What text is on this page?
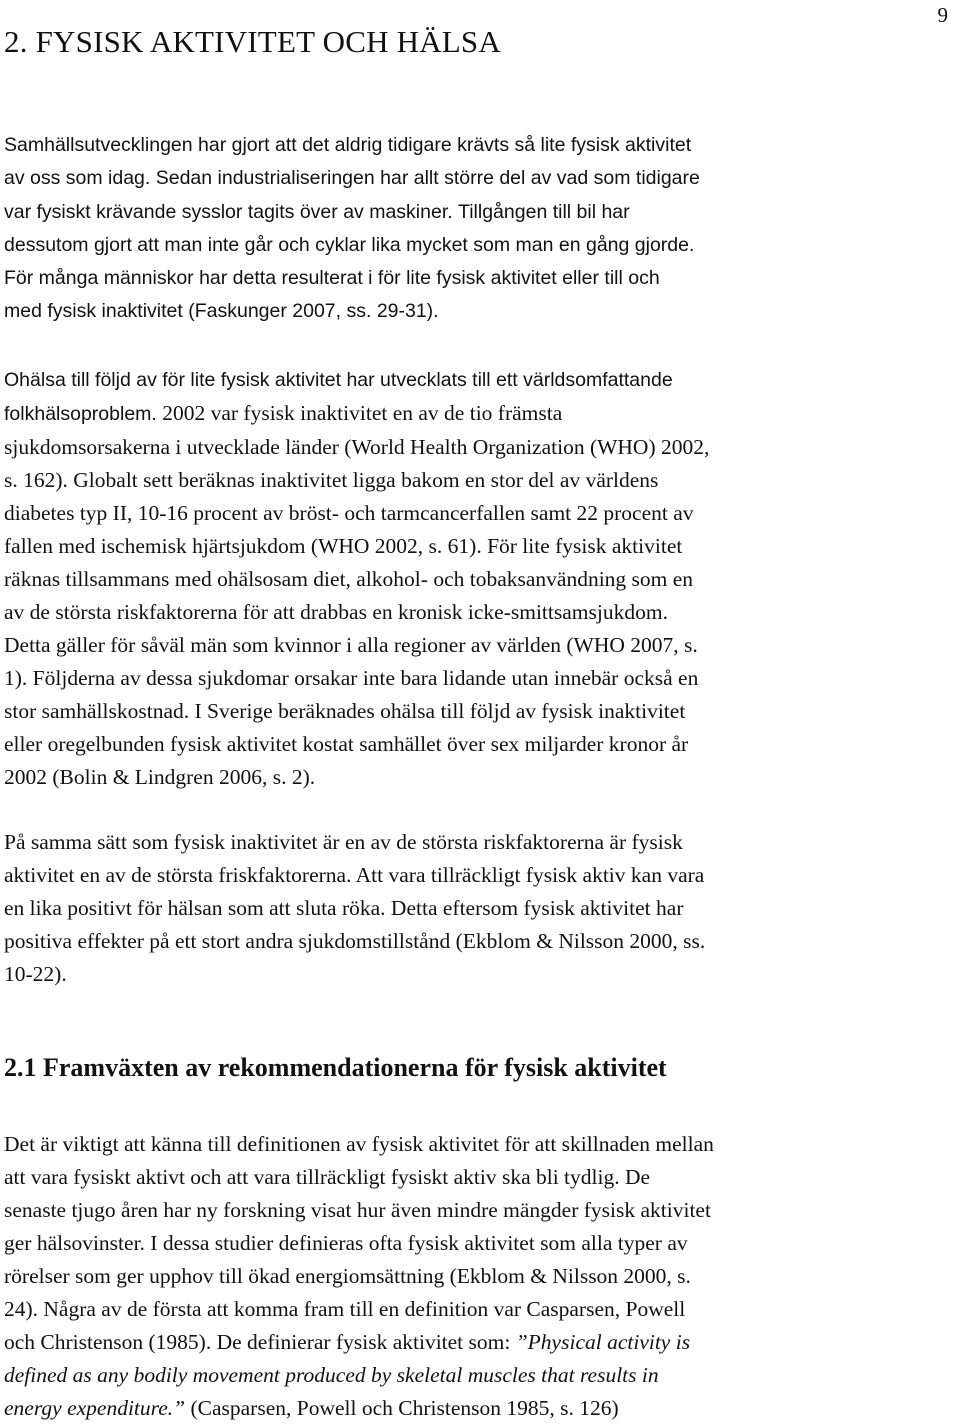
9
2. FYSISK AKTIVITET OCH HÄLSA

Samhällsutvecklingen har gjort att det aldrig tidigare krävts så lite fysisk aktivitet
av oss som idag. Sedan industrialiseringen har allt större del av vad som tidigare
var fysiskt krävande sysslor tagits över av maskiner. Tillgången till bil har
dessutom gjort att man inte går och cyklar lika mycket som man en gång gjorde.
För många människor har detta resulterat i för lite fysisk aktivitet eller till och
med fysisk inaktivitet (Faskunger 2007, ss. 29-31).

Ohälsa till följd av för lite fysisk aktivitet har utvecklats till ett världsomfattande
folkhälsoproblem. 2002 var fysisk inaktivitet en av de tio främsta
sjukdomsorsakerna i utvecklade länder (World Health Organization (WHO) 2002,
s. 162). Globalt sett beräknas inaktivitet ligga bakom en stor del av världens
diabetes typ II, 10-16 procent av bröst- och tarmcancerfallen samt 22 procent av
fallen med ischemisk hjärtsjukdom (WHO 2002, s. 61). För lite fysisk aktivitet
räknas tillsammans med ohälsosam diet, alkohol- och tobaksanvändning som en
av de största riskfaktorerna för att drabbas en kronisk icke-smittsamsjukdom.
Detta gäller för såväl män som kvinnor i alla regioner av världen (WHO 2007, s.
1). Följderna av dessa sjukdomar orsakar inte bara lidande utan innebär också en
stor samhällskostnad. I Sverige beräknades ohälsa till följd av fysisk inaktivitet
eller oregelbunden fysisk aktivitet kostat samhället över sex miljarder kronor år
2002 (Bolin & Lindgren 2006, s. 2).

På samma sätt som fysisk inaktivitet är en av de största riskfaktorerna är fysisk
aktivitet en av de största friskfaktorerna. Att vara tillräckligt fysisk aktiv kan vara
en lika positivt för hälsan som att sluta röka. Detta eftersom fysisk aktivitet har
positiva effekter på ett stort andra sjukdomstillstånd (Ekblom & Nilsson 2000, ss.
10-22).

2.1 Framväxten av rekommendationerna för fysisk aktivitet

Det är viktigt att känna till definitionen av fysisk aktivitet för att skillnaden mellan
att vara fysiskt aktivt och att vara tillräckligt fysiskt aktiv ska bli tydlig. De
senaste tjugo åren har ny forskning visat hur även mindre mängder fysisk aktivitet
ger hälsovinster. I dessa studier definieras ofta fysisk aktivitet som alla typer av
rörelser som ger upphov till ökad energiomsättning (Ekblom & Nilsson 2000, s.
24). Några av de första att komma fram till en definition var Casparsen, Powell
och Christenson (1985). De definierar fysisk aktivitet som: ”Physical activity is
defined as any bodily movement produced by skeletal muscles that results in
energy expenditure.” (Casparsen, Powell och Christenson 1985, s. 126)
